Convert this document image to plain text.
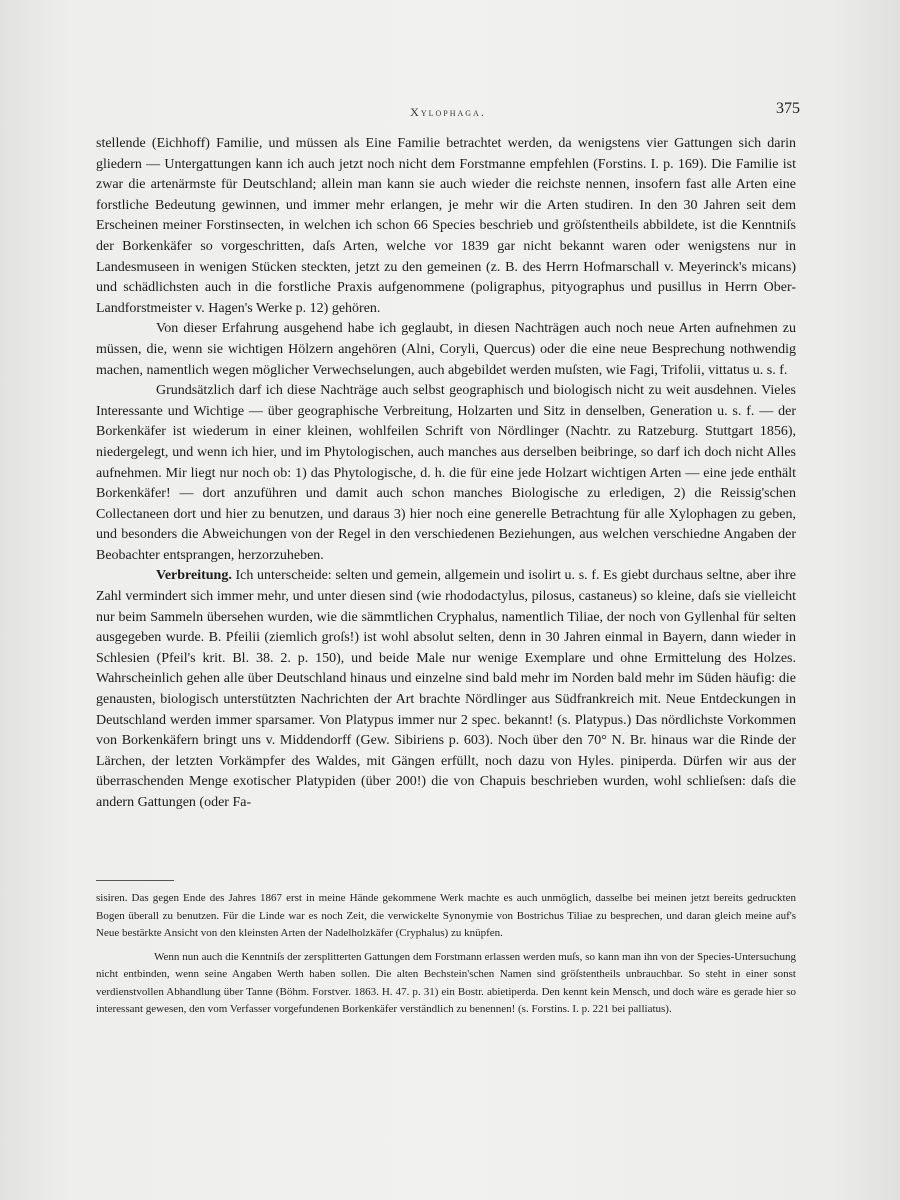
Xylophaga.	375

stellende (Eichhoff) Familie, und müssen als Eine Familie betrachtet werden, da wenigstens vier Gattungen sich darin gliedern — Untergattungen kann ich auch jetzt noch nicht dem Forstmanne empfehlen (Forstins. I. p. 169). Die Familie ist zwar die artenärmste für Deutschland; allein man kann sie auch wieder die reichste nennen, insofern fast alle Arten eine forstliche Bedeutung gewinnen, und immer mehr erlangen, je mehr wir die Arten studiren. In den 30 Jahren seit dem Erscheinen meiner Forstinsecten, in welchen ich schon 66 Species beschrieb und gröſstentheils abbildete, ist die Kenntniſs der Borkenkäfer so vorgeschritten, daſs Arten, welche vor 1839 gar nicht bekannt waren oder wenigstens nur in Landesmuseen in wenigen Stücken steckten, jetzt zu den gemeinen (z. B. des Herrn Hofmarschall v. Meyerinck's micans) und schädlichsten auch in die forstliche Praxis aufgenommene (poligraphus, pityographus und pusillus in Herrn Ober-Landforstmeister v. Hagen's Werke p. 12) gehören.

Von dieser Erfahrung ausgehend habe ich geglaubt, in diesen Nachträgen auch noch neue Arten aufnehmen zu müssen, die, wenn sie wichtigen Hölzern angehören (Alni, Coryli, Quercus) oder die eine neue Besprechung nothwendig machen, namentlich wegen möglicher Verwechselungen, auch abgebildet werden muſsten, wie Fagi, Trifolii, vittatus u. s. f.

Grundsätzlich darf ich diese Nachträge auch selbst geographisch und biologisch nicht zu weit ausdehnen. Vieles Interessante und Wichtige — über geographische Verbreitung, Holzarten und Sitz in denselben, Generation u. s. f. — der Borkenkäfer ist wiederum in einer kleinen, wohlfeilen Schrift von Nördlinger (Nachtr. zu Ratzeburg. Stuttgart 1856), niedergelegt, und wenn ich hier, und im Phytologischen, auch manches aus derselben beibringe, so darf ich doch nicht Alles aufnehmen. Mir liegt nur noch ob: 1) das Phytologische, d. h. die für eine jede Holzart wichtigen Arten — eine jede enthält Borkenkäfer! — dort anzuführen und damit auch schon manches Biologische zu erledigen, 2) die Reissig'schen Collectaneen dort und hier zu benutzen, und daraus 3) hier noch eine generelle Betrachtung für alle Xylophagen zu geben, und besonders die Abweichungen von der Regel in den verschiedenen Beziehungen, aus welchen verschiedne Angaben der Beobachter entsprangen, herzorzuheben.

Verbreitung. Ich unterscheide: selten und gemein, allgemein und isolirt u. s. f. Es giebt durchaus seltne, aber ihre Zahl vermindert sich immer mehr, und unter diesen sind (wie rhododactylus, pilosus, castaneus) so kleine, daſs sie vielleicht nur beim Sammeln übersehen wurden, wie die sämmtlichen Cryphalus, namentlich Tiliae, der noch von Gyllenhal für selten ausgegeben wurde. B. Pfeilii (ziemlich groſs!) ist wohl absolut selten, denn in 30 Jahren einmal in Bayern, dann wieder in Schlesien (Pfeil's krit. Bl. 38. 2. p. 150), und beide Male nur wenige Exemplare und ohne Ermittelung des Holzes. Wahrscheinlich gehen alle über Deutschland hinaus und einzelne sind bald mehr im Norden bald mehr im Süden häufig: die genausten, biologisch unterstützten Nachrichten der Art brachte Nördlinger aus Südfrankreich mit. Neue Entdeckungen in Deutschland werden immer sparsamer. Von Platypus immer nur 2 spec. bekannt! (s. Platypus.) Das nördlichste Vorkommen von Borkenkäfern bringt uns v. Middendorff (Gew. Sibiriens p. 603). Noch über den 70° N. Br. hinaus war die Rinde der Lärchen, der letzten Vorkämpfer des Waldes, mit Gängen erfüllt, noch dazu von Hyles. piniperda. Dürfen wir aus der überraschenden Menge exotischer Platypiden (über 200!) die von Chapuis beschrieben wurden, wohl schlieſsen: daſs die andern Gattungen (oder Fa-

sisiren. Das gegen Ende des Jahres 1867 erst in meine Hände gekommene Werk machte es auch unmöglich, dasselbe bei meinen jetzt bereits gedruckten Bogen überall zu benutzen. Für die Linde war es noch Zeit, die verwickelte Synonymie von Bostrichus Tiliae zu besprechen, und daran gleich meine auf's Neue bestärkte Ansicht von den kleinsten Arten der Nadelholzkäfer (Cryphalus) zu knüpfen.

Wenn nun auch die Kenntniſs der zersplitterten Gattungen dem Forstmann erlassen werden muſs, so kann man ihn von der Species-Untersuchung nicht entbinden, wenn seine Angaben Werth haben sollen. Die alten Bechstein'schen Namen sind gröſstentheils unbrauchbar. So steht in einer sonst verdienstvollen Abhandlung über Tanne (Böhm. Forstver. 1863. H. 47. p. 31) ein Bostr. abietiperda. Den kennt kein Mensch, und doch wäre es gerade hier so interessant gewesen, den vom Verfasser vorgefundenen Borkenkäfer verständlich zu benennen! (s. Forstins. I. p. 221 bei palliatus).
